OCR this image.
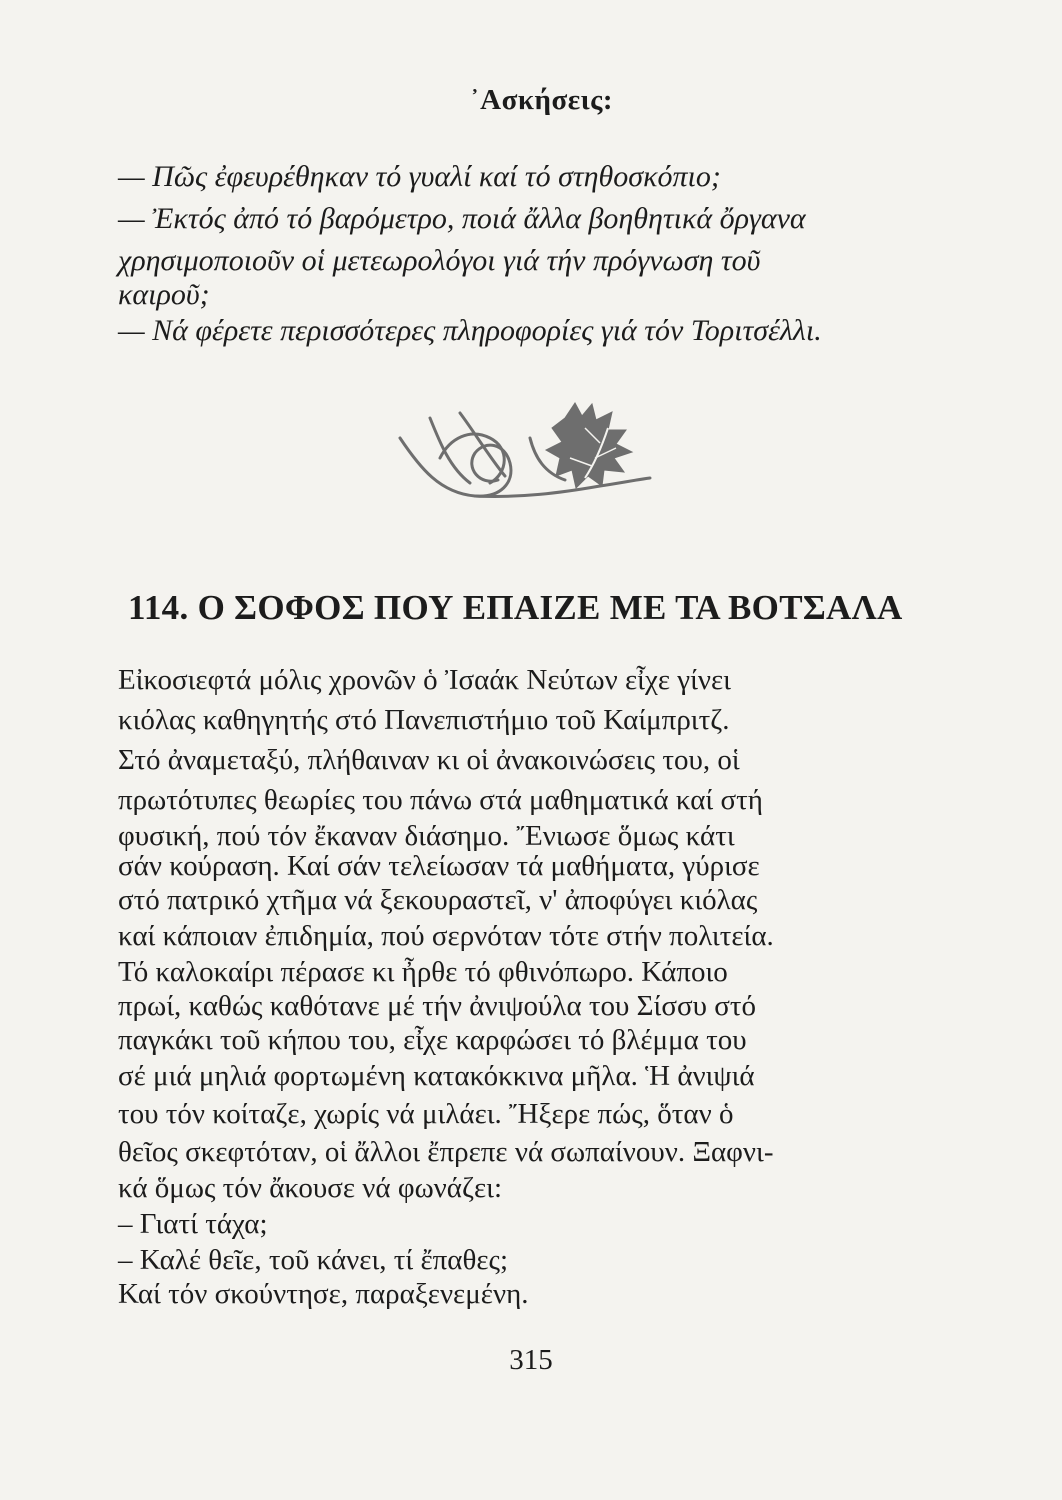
᾿Ασκήσεις:
— Πῶς ἐφευρέθηκαν τό γυαλί καί τό στηθοσκόπιο;
— Ἐκτός ἀπό τό βαρόμετρο, ποιά ἄλλα βοηθητικά ὄργανα
χρησιμοποιοῦν οἱ μετεωρολόγοι γιά τήν πρόγνωση τοῦ
καιροῦ;
— Νά φέρετε περισσότερες πληροφορίες γιά τόν Τοριτσέλλι.
114. Ο ΣΟΦΟΣ ΠΟΥ ΕΠΑΙΖΕ ΜΕ ΤΑ ΒΟΤΣΑΛΑ
Εἰκοσιεφτά μόλις χρονῶν ὁ Ἰσαάκ Νεύτων εἶχε γίνει
κιόλας καθηγητής στό Πανεπιστήμιο τοῦ Καίμπριτζ.
Στό ἀναμεταξύ, πλήθαιναν κι οἱ ἀνακοινώσεις του, οἱ
πρωτότυπες θεωρίες του πάνω στά μαθηματικά καί στή
φυσική, πού τόν ἔκαναν διάσημο. Ἔνιωσε ὅμως κάτι
σάν κούραση. Καί σάν τελείωσαν τά μαθήματα, γύρισε
στό πατρικό χτῆμα νά ξεκουραστεῖ, ν' ἀποφύγει κιόλας
καί κάποιαν ἐπιδημία, πού σερνόταν τότε στήν πολιτεία.
Τό καλοκαίρι πέρασε κι ἦρθε τό φθινόπωρο. Κάποιο
πρωί, καθώς καθότανε μέ τήν ἀνιψούλα του Σίσσυ στό
παγκάκι τοῦ κήπου του, εἶχε καρφώσει τό βλέμμα του
σέ μιά μηλιά φορτωμένη κατακόκκινα μῆλα. Ἡ ἀνιψιά
του τόν κοίταζε, χωρίς νά μιλάει. Ἤξερε πώς, ὅταν ὁ
θεῖος σκεφτόταν, οἱ ἄλλοι ἔπρεπε νά σωπαίνουν. Ξαφνι-
κά ὅμως τόν ἄκουσε νά φωνάζει:
– Γιατί τάχα;
– Καλέ θεῖε, τοῦ κάνει, τί ἔπαθες;
Καί τόν σκούντησε, παραξενεμένη.
315
